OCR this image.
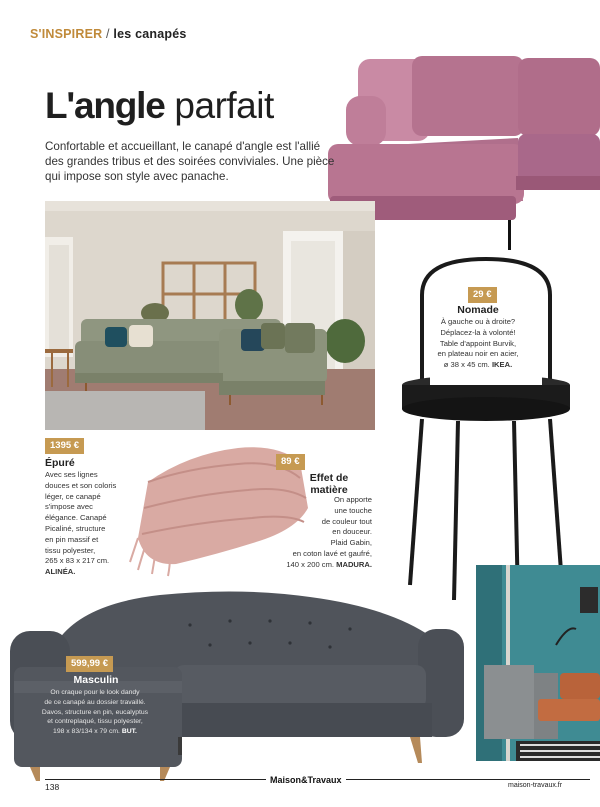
S'INSPIRER / les canapés
L'angle parfait
Confortable et accueillant, le canapé d'angle est l'allié des grandes tribus et des soirées conviviales. Une pièce qui impose son style avec panache.
29 €
Nomade
À gauche ou à droite?
Déplacez-la à volonté!
Table d'appoint Burvik,
en plateau noir en acier,
ø 38 x 45 cm. IKEA.
1395 €
Épuré
Avec ses lignes
douces et son coloris
léger, ce canapé
s'impose avec
élégance. Canapé
Picaliné, structure
en pin massif et
tissu polyester,
265 x 83 x 217 cm.
ALINÉA.
89 €
Effet de
matière
On apporte
une touche
de couleur tout
en douceur.
Plaid Gabin,
en coton lavé et gaufré,
140 x 200 cm. MADURA.
599,99 €
Masculin
On craque pour le look dandy
de ce canapé au dossier travaillé.
Davos, structure en pin, eucalyptus
et contreplaqué, tissu polyester,
198 x 83/134 x 79 cm. BUT.
Maison&Travaux
138	maison-travaux.fr
